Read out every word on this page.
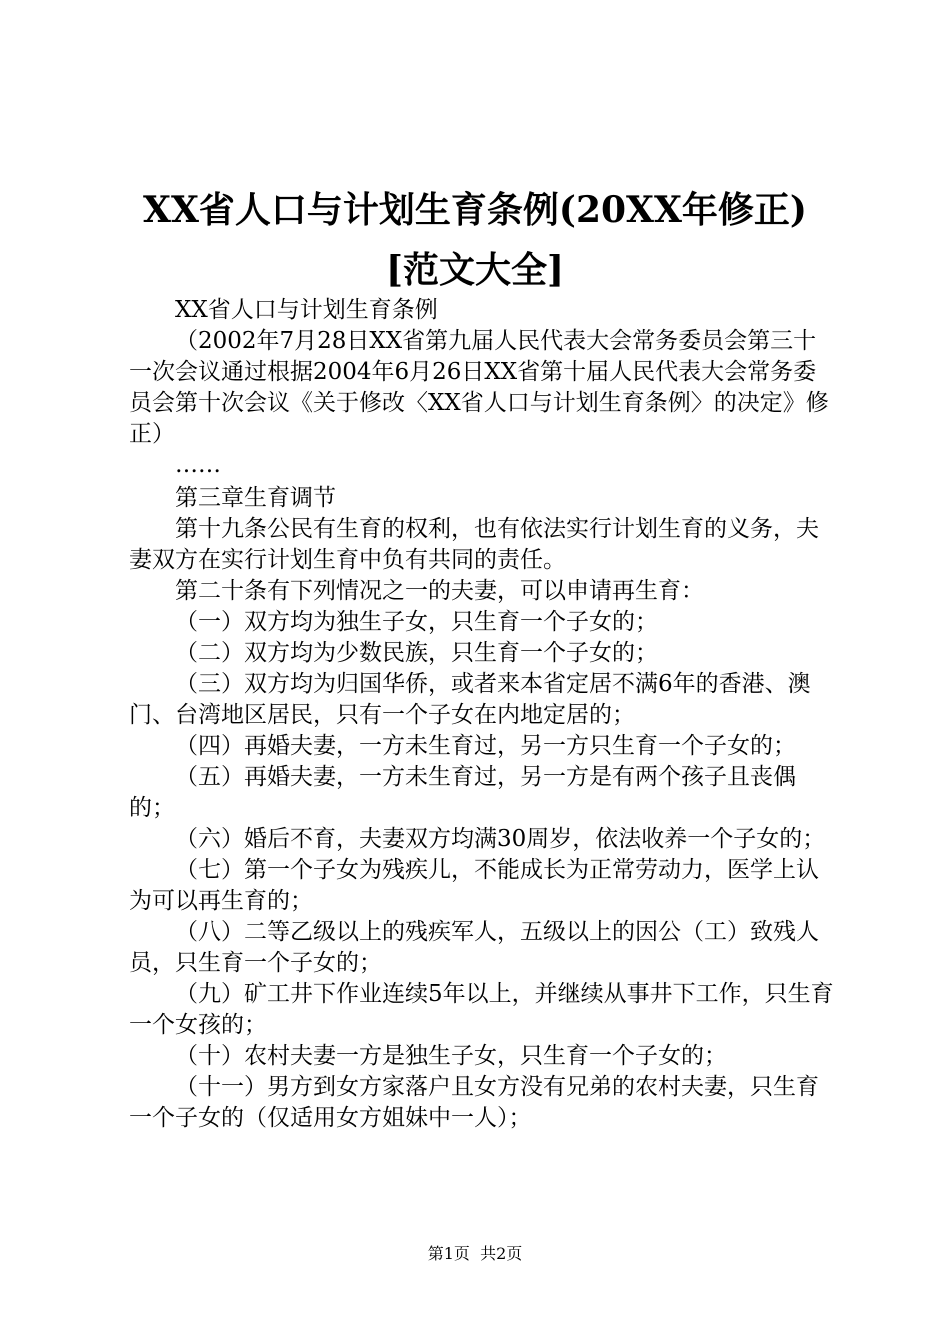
XX省人口与计划生育条例(20XX年修正)[范文大全]

XX省人口与计划生育条例

（2002年7月28日XX省第九届人民代表大会常务委员会第三十一次会议通过根据2004年6月26日XX省第十届人民代表大会常务委员会第十次会议《关于修改〈XX省人口与计划生育条例〉的决定》修正）

……

第三章生育调节

第十九条公民有生育的权利，也有依法实行计划生育的义务，夫妻双方在实行计划生育中负有共同的责任。

第二十条有下列情况之一的夫妻，可以申请再生育：

（一）双方均为独生子女，只生育一个子女的；

（二）双方均为少数民族，只生育一个子女的；

（三）双方均为归国华侨，或者来本省定居不满6年的香港、澳门、台湾地区居民，只有一个子女在内地定居的；

（四）再婚夫妻，一方未生育过，另一方只生育一个子女的；

（五）再婚夫妻，一方未生育过，另一方是有两个孩子且丧偶的；

（六）婚后不育，夫妻双方均满30周岁，依法收养一个子女的；

（七）第一个子女为残疾儿，不能成长为正常劳动力，医学上认为可以再生育的；

（八）二等乙级以上的残疾军人，五级以上的因公（工）致残人员，只生育一个子女的；

（九）矿工井下作业连续5年以上，并继续从事井下工作，只生育一个女孩的；

（十）农村夫妻一方是独生子女，只生育一个子女的；

（十一）男方到女方家落户且女方没有兄弟的农村夫妻，只生育一个子女的（仅适用女方姐妹中一人）；

第1页 共2页
